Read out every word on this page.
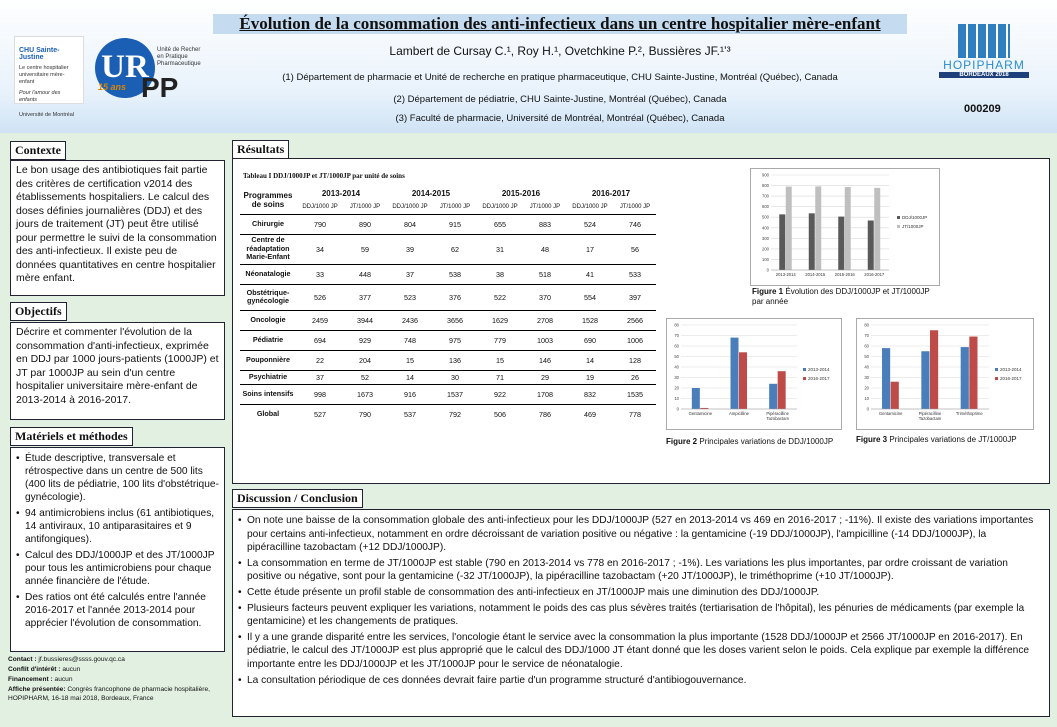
Évolution de la consommation des anti-infectieux dans un centre hospitalier mère-enfant
Lambert de Cursay C.¹, Roy H.¹, Ovetchkine P.², Bussières JF.¹ʼ³
(1) Département de pharmacie et Unité de recherche en pratique pharmaceutique, CHU Sainte-Justine, Montréal (Québec), Canada
(2) Département de pédiatrie, CHU Sainte-Justine, Montréal (Québec), Canada
(3) Faculté de pharmacie, Université de Montréal, Montréal (Québec), Canada
CHU Sainte-Justine
Le centre hospitalier universitaire mère-enfant
Pour l'amour des enfants
Université de Montréal
UR
PP
15 ans
Unité de Recher
en Pratique
Pharmaceutique	HOPIPHARM
BORDEAUX 2018
000209
Contexte
Le bon usage des antibiotiques fait partie des critères de certification v2014 des établissements hospitaliers. Le calcul des doses définies journalières (DDJ) et des jours de traitement (JT) peut être utilisé pour permettre le suivi de la consommation des anti-infectieux. Il existe peu de données quantitatives en centre hospitalier mère enfant.
Objectifs
Décrire et commenter l'évolution de la consommation d'anti-infectieux, exprimée en DDJ par 1000 jours-patients (1000JP) et JT par 1000JP au sein d'un centre hospitalier universitaire mère-enfant de 2013-2014 à 2016-2017.
Matériels et méthodes
• Étude descriptive, transversale et rétrospective dans un centre de 500 lits (400 lits de pédiatrie, 100 lits d'obstétrique-gynécologie).
• 94 antimicrobiens inclus (61 antibiotiques, 14 antiviraux, 10 antiparasitaires et 9 antifongiques).
• Calcul des DDJ/1000JP et des JT/1000JP pour tous les antimicrobiens pour chaque année financière de l'étude.
• Des ratios ont été calculés entre l'année 2016-2017 et l'année 2013-2014 pour apprécier l'évolution de consommation.
Contact : jf.bussieres@ssss.gouv.qc.ca
Conflit d'intérêt : aucun
Financement : aucun
Affiche présentée: Congrès francophone de pharmacie hospitalière, HOPIPHARM, 16-18 mai 2018, Bordeaux, France
Résultats
Tableau I DDJ/1000JP et JT/1000JP par unité de soins
Programmes de soins	2013-2014		2014-2015		2015-2016		2016-2017	
	DDJ/1000 JP	JT/1000 JP	DDJ/1000 JP	JT/1000 JP	DDJ/1000 JP	JT/1000 JP	DDJ/1000 JP	JT/1000 JP
Chirurgie	790	890	804	915	655	883	524	746
Centre de réadaptation Marie-Enfant	34	59	39	62	31	48	17	56
Néonatalogie	33	448	37	538	38	518	41	533
Obstétrique-gynécologie	526	377	523	376	522	370	554	397
Oncologie	2459	3944	2436	3656	1629	2708	1528	2566
Pédiatrie	694	929	748	975	779	1003	690	1006
Pouponnière	22	204	15	136	15	146	14	128
Psychiatrie	37	52	14	30	71	29	19	26
Soins intensifs	998	1673	916	1537	922	1708	832	1535
Global	527	790	537	792	506	786	469	778
0
100
200
300
400
500
600
700
800
900
2013-2014 2014-2015 2015-2016 2016-2017
DDJ/1000JP
JT/1000JP
Figure 1 Évolution des DDJ/1000JP et JT/1000JP par année
0
10
20
30
40
50
60
70
80
Gentamicine	Ampicilline	Pipéracilline
Tazobactam
2013-2014
2016-2017
Figure 2 Principales variations de DDJ/1000JP
0
10
20
30
40
50
60
70
80
Gentamicine	Pipéracilline
Tazobactam
Triméthoprime
2013-2014
2016-2017
Figure 3 Principales variations de JT/1000JP
Discussion / Conclusion
• On note une baisse de la consommation globale des anti-infectieux pour les DDJ/1000JP (527 en 2013-2014 vs 469 en 2016-2017 ; -11%). Il existe des variations importantes pour certains anti-infectieux, notamment en ordre décroissant de variation positive ou négative : la gentamicine (-19 DDJ/1000JP), l'ampicilline (-14 DDJ/1000JP), la pipéracilline tazobactam (+12 DDJ/1000JP).
• La consommation en terme de JT/1000JP est stable (790 en 2013-2014 vs 778 en 2016-2017 ; -1%). Les variations les plus importantes, par ordre croissant de variation positive ou négative, sont pour la gentamicine (-32 JT/1000JP), la pipéracilline tazobactam (+20 JT/1000JP), le triméthoprime (+10 JT/1000JP).
• Cette étude présente un profil stable de consommation des anti-infectieux en JT/1000JP mais une diminution des DDJ/1000JP.
• Plusieurs facteurs peuvent expliquer les variations, notamment le poids des cas plus sévères traités (tertiarisation de l'hôpital), les pénuries de médicaments (par exemple la gentamicine) et les changements de pratiques.
• Il y a une grande disparité entre les services, l'oncologie étant le service avec la consommation la plus importante (1528 DDJ/1000JP et 2566 JT/1000JP en 2016-2017). En pédiatrie, le calcul des JT/1000JP est plus approprié que le calcul des DDJ/1000 JT étant donné que les doses varient selon le poids. Cela explique par exemple la différence importante entre les DDJ/1000JP et les JT/1000JP pour le service de néonatalogie.
• La consultation périodique de ces données devrait faire partie d'un programme structuré d'antibiogouvernance.
